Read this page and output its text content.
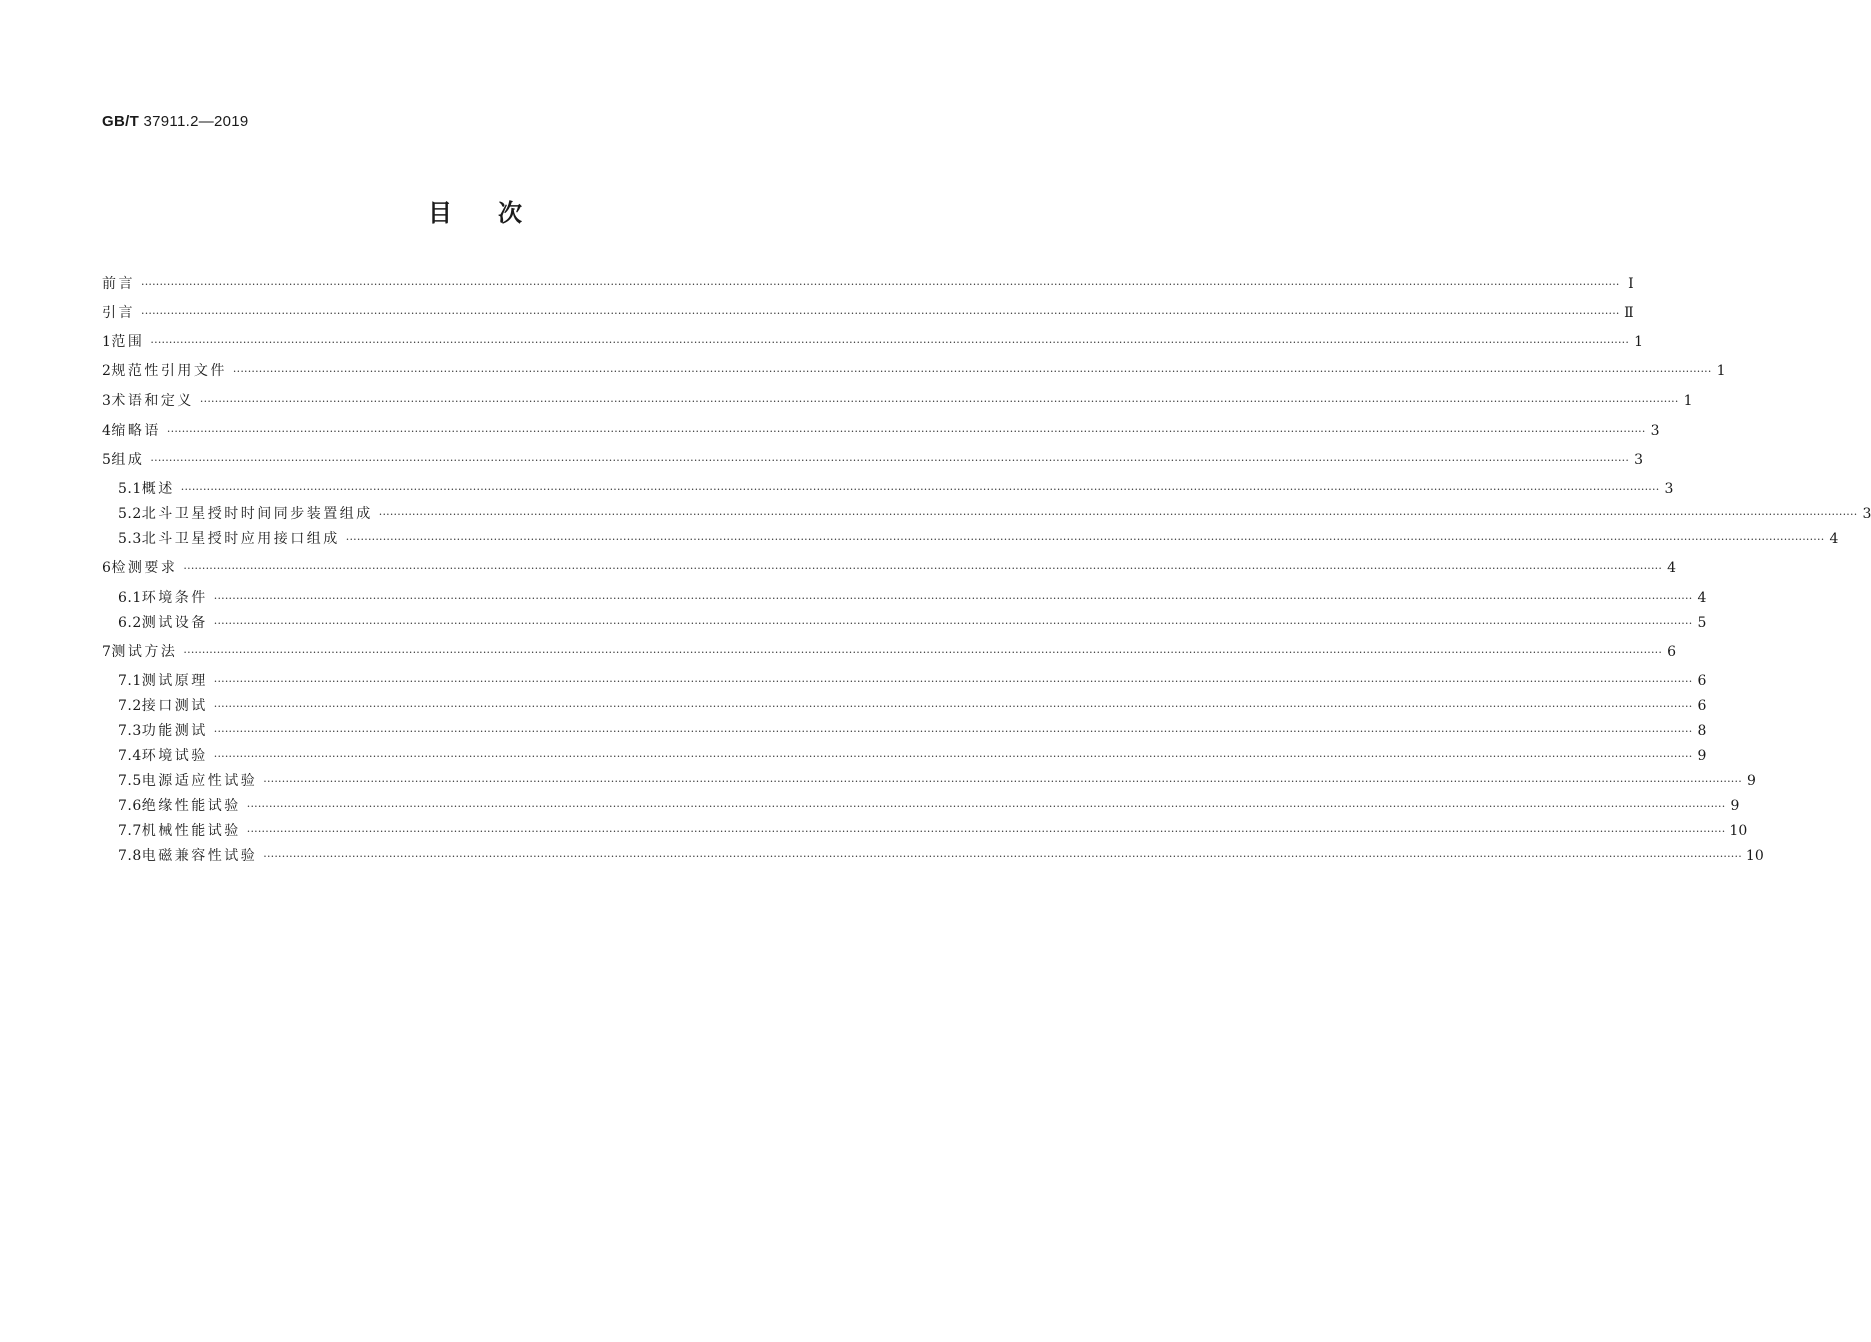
GB/T 37911.2—2019
目次
前言 ················································································································································································································································································································································································································ Ⅰ
引言 ················································································································································································································································································································································································································ Ⅱ
1 范围 ················································································································································································································································································································································································································ 1
2 规范性引用文件 ················································································································································································································································································································································································································ 1
3 术语和定义 ················································································································································································································································································································································································································ 1
4 缩略语 ················································································································································································································································································································································································································ 3
5 组成 ················································································································································································································································································································································································································ 3
5.1 概述 ················································································································································································································································································································································································································ 3
5.2 北斗卫星授时时间同步装置组成 ················································································································································································································································································································································································································ 3
5.3 北斗卫星授时应用接口组成 ················································································································································································································································································································································································································ 4
6 检测要求 ················································································································································································································································································································································································································ 4
6.1 环境条件 ················································································································································································································································································································································································································ 4
6.2 测试设备 ················································································································································································································································································································································································································ 5
7 测试方法 ················································································································································································································································································································································································································ 6
7.1 测试原理 ················································································································································································································································································································································································································ 6
7.2 接口测试 ················································································································································································································································································································································································································ 6
7.3 功能测试 ················································································································································································································································································································································································································ 8
7.4 环境试验 ················································································································································································································································································································································································································ 9
7.5 电源适应性试验 ················································································································································································································································································································································································································ 9
7.6 绝缘性能试验 ················································································································································································································································································································································································································ 9
7.7 机械性能试验 ················································································································································································································································································································································································································ 10
7.8 电磁兼容性试验 ················································································································································································································································································································································································································ 10
